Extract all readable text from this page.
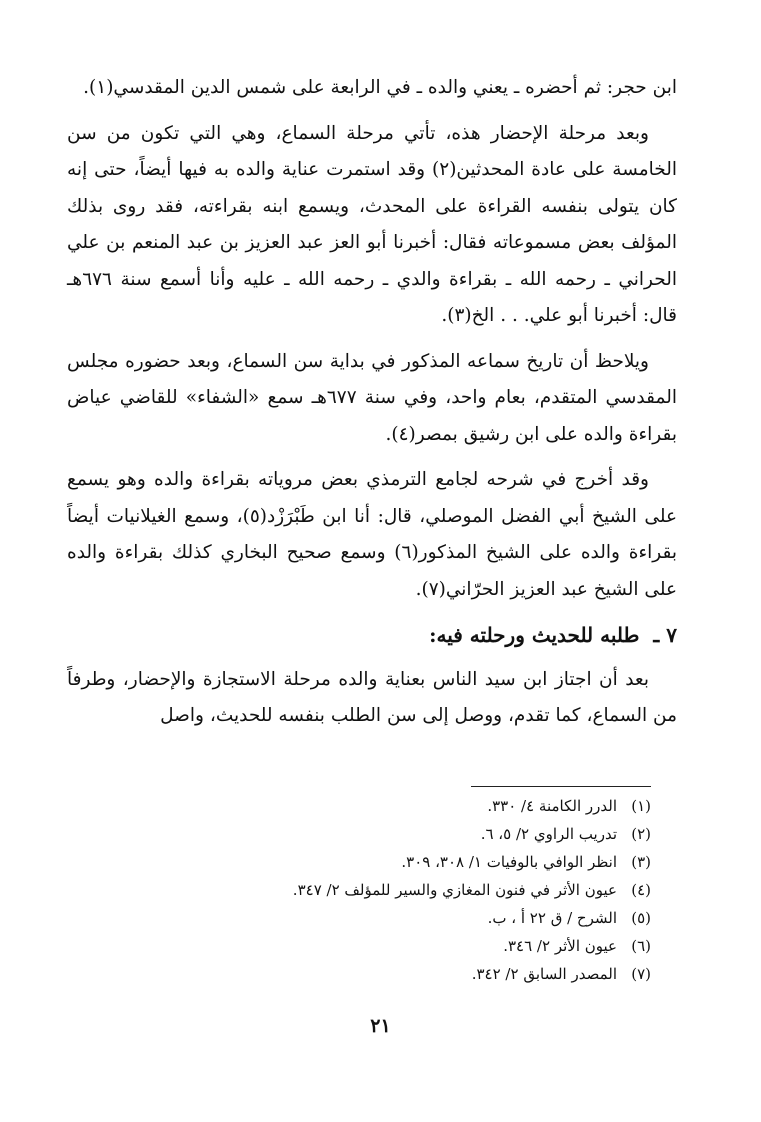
ابن حجر: ثم أحضره ـ يعني والده ـ في الرابعة على شمس الدين المقدسي(١).

وبعد مرحلة الإحضار هذه، تأتي مرحلة السماع، وهي التي تكون من سن الخامسة على عادة المحدثين(٢) وقد استمرت عناية والده به فيها أيضاً، حتى إنه كان يتولى بنفسه القراءة على المحدث، ويسمع ابنه بقراءته، فقد روى بذلك المؤلف بعض مسموعاته فقال: أخبرنا أبو العز عبد العزيز بن عبد المنعم بن علي الحراني ـ رحمه الله ـ بقراءة والدي ـ رحمه الله ـ عليه وأنا أسمع سنة ٦٧٦هـ قال: أخبرنا أبو علي. . . الخ(٣).

ويلاحظ أن تاريخ سماعه المذكور في بداية سن السماع، وبعد حضوره مجلس المقدسي المتقدم، بعام واحد، وفي سنة ٦٧٧هـ سمع «الشفاء» للقاضي عياض بقراءة والده على ابن رشيق بمصر(٤).

وقد أخرج في شرحه لجامع الترمذي بعض مروياته بقراءة والده وهو يسمع على الشيخ أبي الفضل الموصلي، قال: أنا ابن طَبْرَزْد(٥)، وسمع الغيلانيات أيضاً بقراءة والده على الشيخ المذكور(٦) وسمع صحيح البخاري كذلك بقراءة والده على الشيخ عبد العزيز الحرّاني(٧).

٧ ـ
طلبه للحديث ورحلته فيه:

بعد أن اجتاز ابن سيد الناس بعناية والده مرحلة الاستجازة والإحضار، وطرفاً من السماع، كما تقدم، ووصل إلى سن الطلب بنفسه للحديث، واصل

(١)
الدرر الكامنة ٤/ ٣٣٠.
(٢)
تدريب الراوي ٢/ ٥، ٦.
(٣)
انظر الوافي بالوفيات ١/ ٣٠٨، ٣٠٩.
(٤)
عيون الأثر في فنون المغازي والسير للمؤلف ٢/ ٣٤٧.
(٥)
الشرح / ق ٢٢ أ ، ب.
(٦)
عيون الأثر ٢/ ٣٤٦.
(٧)
المصدر السابق ٢/ ٣٤٢.
٢١
